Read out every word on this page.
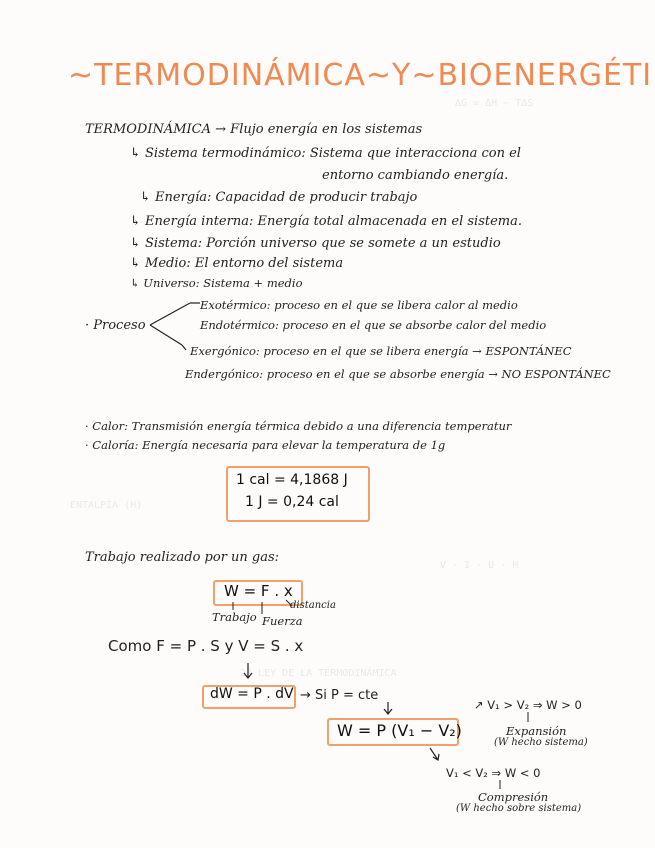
ΔG = ΔH − TΔS
V · I · U · H
ENTALPÍA (H)
2ª LEY DE LA TERMODINÁMICA
~TERMODINÁMICA~Y~BIOENERGÉTI
TERMODINÁMICA → Flujo energía en los sistemas
↳ Sistema termodinámico: Sistema que interacciona con el
entorno cambiando energía.
↳ Energía: Capacidad de producir trabajo
↳ Energía interna: Energía total almacenada en el sistema.
↳ Sistema: Porción universo que se somete a un estudio
↳ Medio: El entorno del sistema
↳ Universo: Sistema + medio
· Proceso
Exotérmico: proceso en el que se libera calor al medio
Endotérmico: proceso en el que se absorbe calor del medio
Exergónico: proceso en el que se libera energía → ESPONTÁNEC
Endergónico: proceso en el que se absorbe energía → NO ESPONTÁNEC
· Calor: Transmisión energía térmica debido a una diferencia temperatur
· Caloría: Energía necesaria para elevar la temperatura de 1g
1 cal = 4,1868 J
1 J = 0,24 cal
Trabajo realizado por un gas:
W = F . x
Trabajo Fuerza
distancia
Como F = P . S y V = S . x
dW = P . dV → Si P = cte
W = P (V₁ − V₂)
↗ V₁ > V₂ ⇒ W > 0
Expansión
(W hecho sistema)
V₁ < V₂ ⇒ W < 0
Compresión
(W hecho sobre sistema)
